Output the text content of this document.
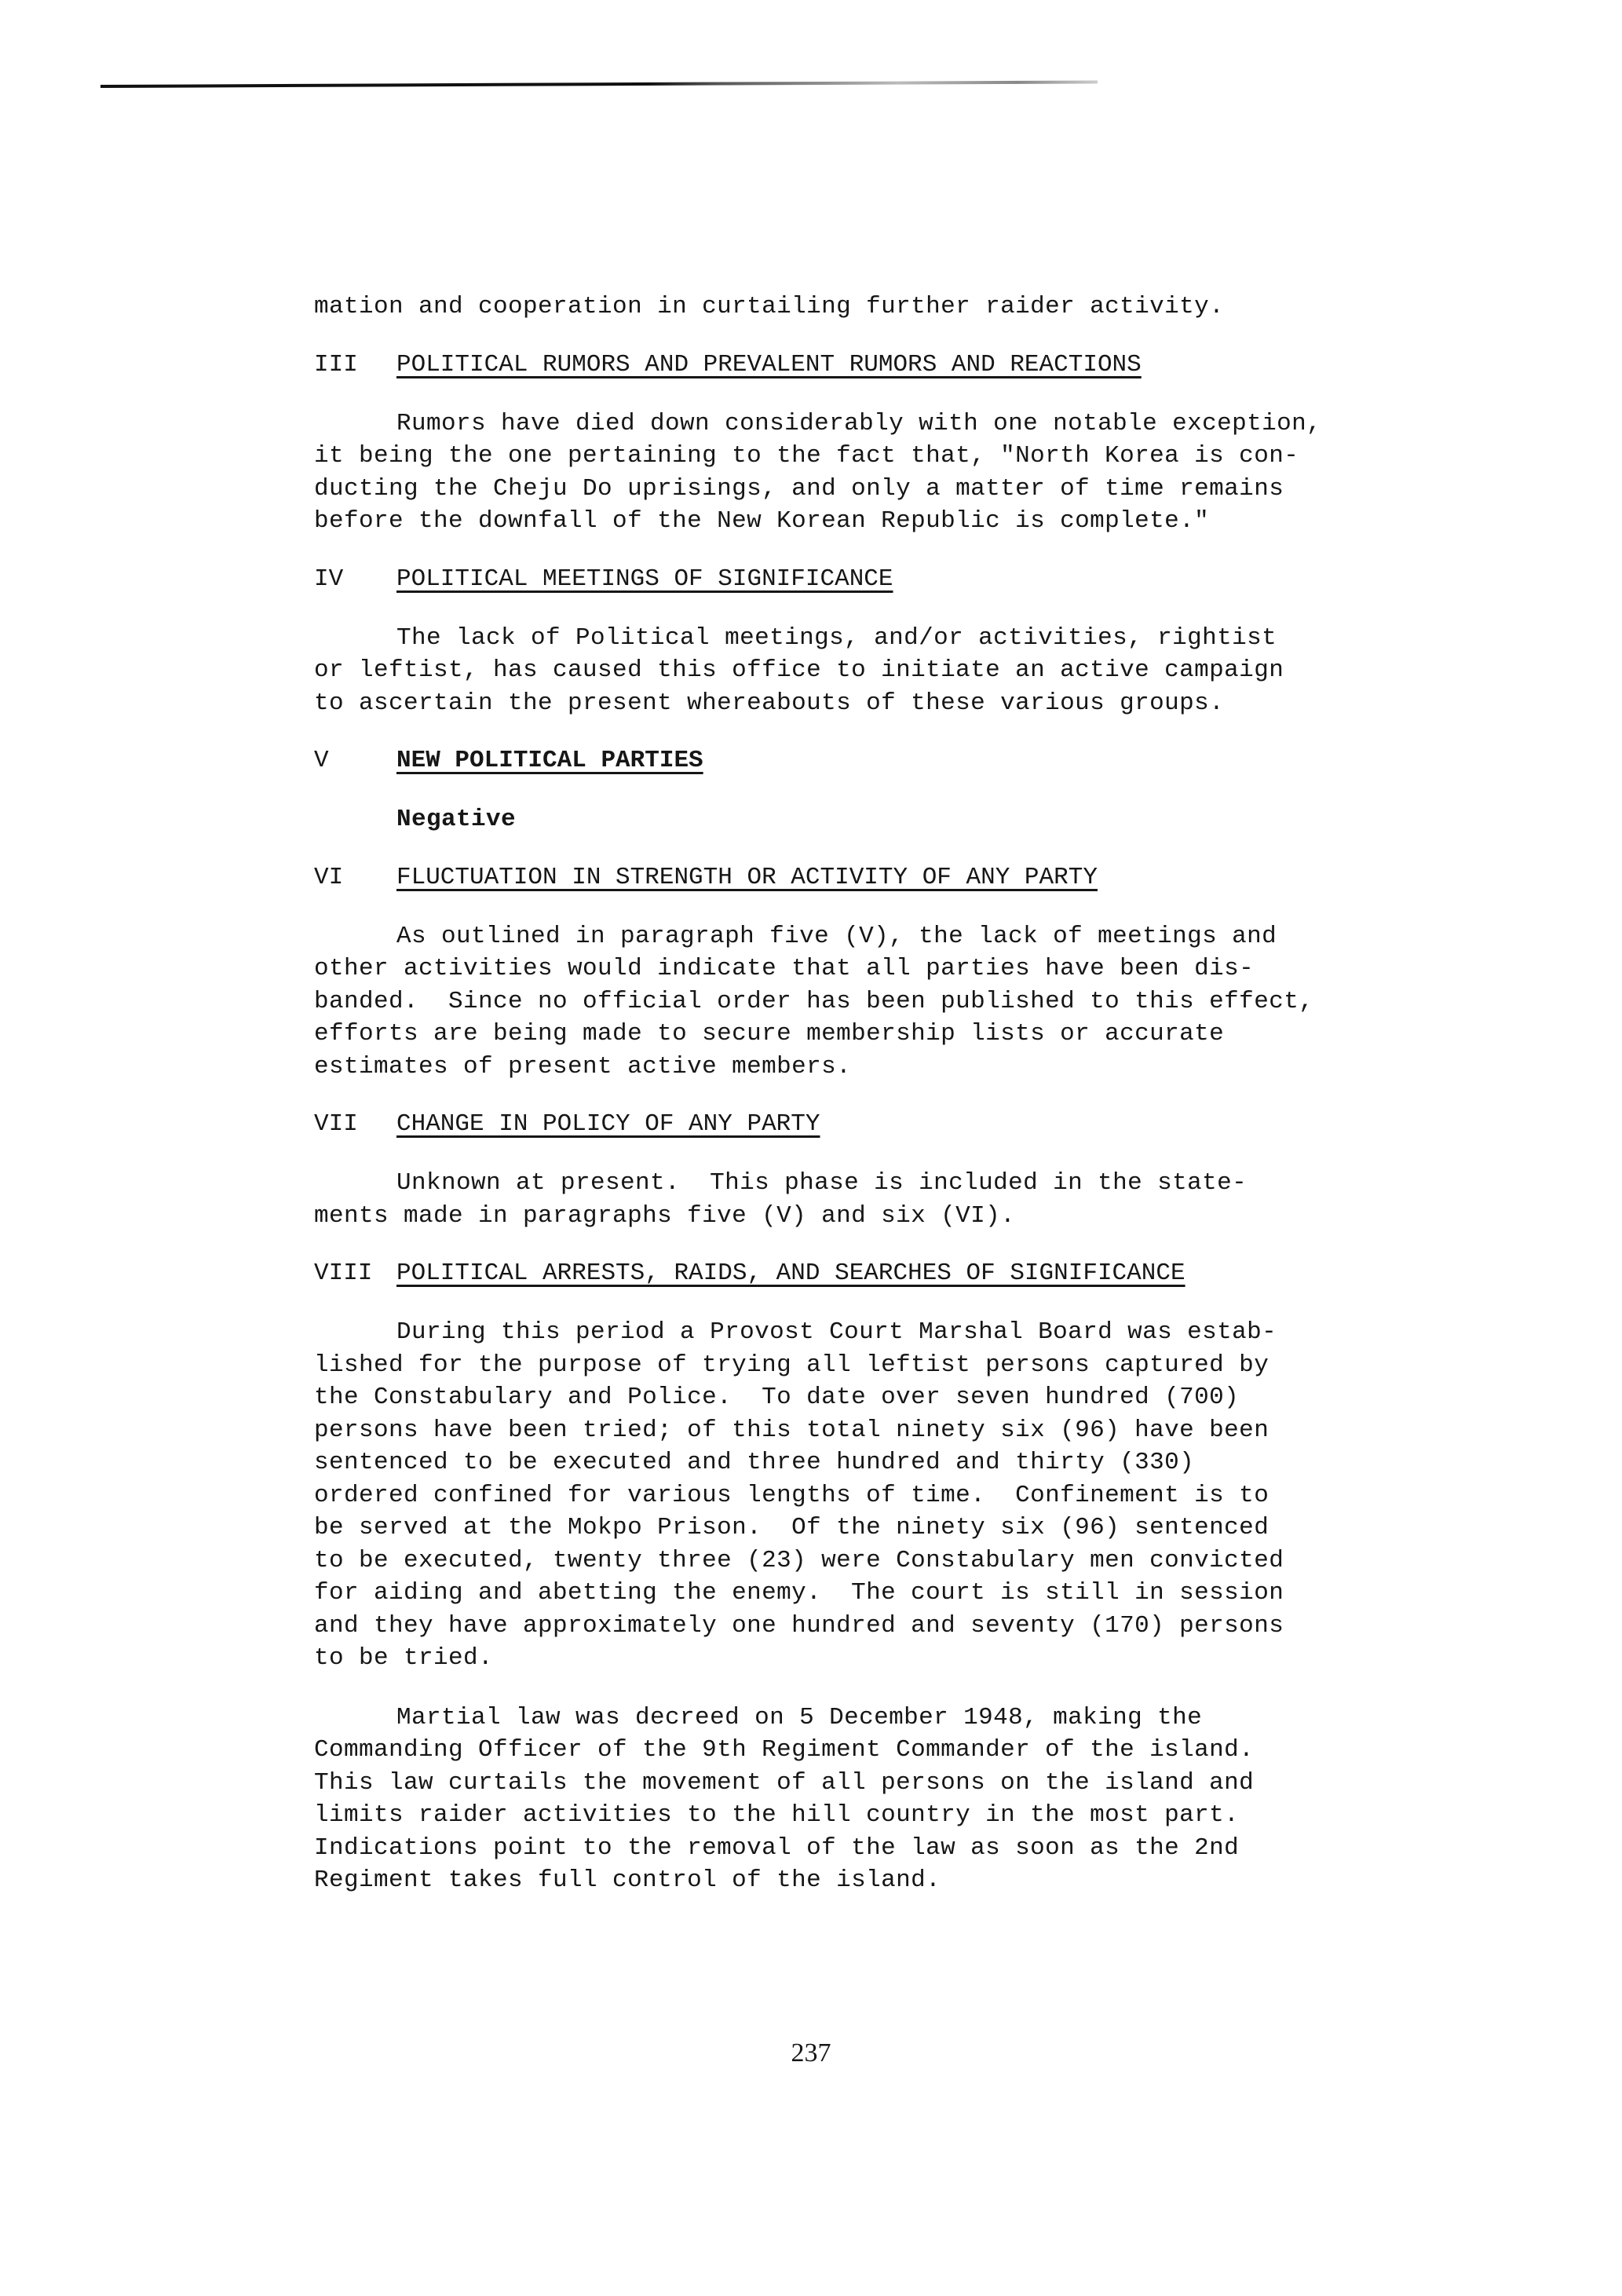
mation and cooperation in curtailing further raider activity.
III	POLITICAL RUMORS AND PREVALENT RUMORS AND REACTIONS
Rumors have died down considerably with one notable exception,
it being the one pertaining to the fact that, "North Korea is con-
ducting the Cheju Do uprisings, and only a matter of time remains
before the downfall of the New Korean Republic is complete."
IV	POLITICAL MEETINGS OF SIGNIFICANCE
The lack of Political meetings, and/or activities, rightist
or leftist, has caused this office to initiate an active campaign
to ascertain the present whereabouts of these various groups.
V	NEW POLITICAL PARTIES
Negative
VI	FLUCTUATION IN STRENGTH OR ACTIVITY OF ANY PARTY
As outlined in paragraph five (V), the lack of meetings and
other activities would indicate that all parties have been dis-
banded.  Since no official order has been published to this effect,
efforts are being made to secure membership lists or accurate
estimates of present active members.
VII	CHANGE IN POLICY OF ANY PARTY
Unknown at present.  This phase is included in the state-
ments made in paragraphs five (V) and six (VI).
VIII POLITICAL ARRESTS, RAIDS, AND SEARCHES OF SIGNIFICANCE
During this period a Provost Court Marshal Board was estab-
lished for the purpose of trying all leftist persons captured by
the Constabulary and Police.  To date over seven hundred (700)
persons have been tried; of this total ninety six (96) have been
sentenced to be executed and three hundred and thirty (330)
ordered confined for various lengths of time.  Confinement is to
be served at the Mokpo Prison.  Of the ninety six (96) sentenced
to be executed, twenty three (23) were Constabulary men convicted
for aiding and abetting the enemy.  The court is still in session
and they have approximately one hundred and seventy (170) persons
to be tried.
Martial law was decreed on 5 December 1948, making the
Commanding Officer of the 9th Regiment Commander of the island.
This law curtails the movement of all persons on the island and
limits raider activities to the hill country in the most part.
Indications point to the removal of the law as soon as the 2nd
Regiment takes full control of the island.
237
